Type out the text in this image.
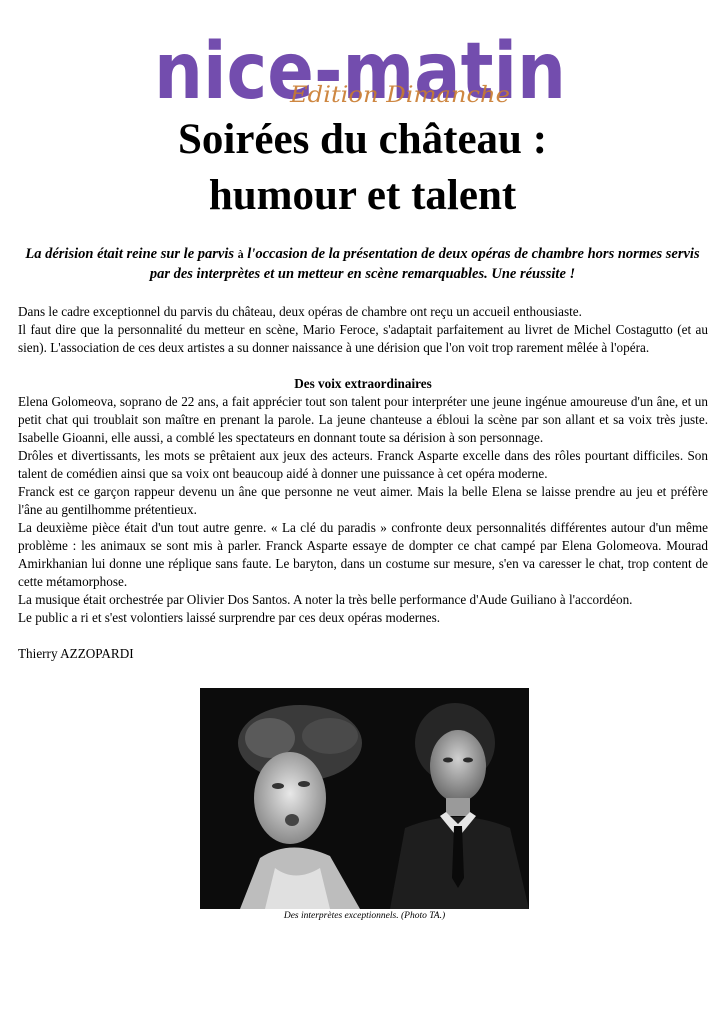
nice-matin
Edition Dimanche
Soirées du château :
humour et talent
La dérision était reine sur le parvis à l'occasion de la présentation de deux opéras de chambre hors normes servis par des interprètes et un metteur en scène remarquables. Une réussite !

Dans le cadre exceptionnel du parvis du château, deux opéras de chambre ont reçu un accueil enthousiaste.

Il faut dire que la personnalité du metteur en scène, Mario Feroce, s'adaptait parfaitement au livret de Michel Costagutto (et au sien). L'association de ces deux artistes a su donner naissance à une dérision que l'on voit trop rarement mêlée à l'opéra.

Des voix extraordinaires

Elena Golomeova, soprano de 22 ans, a fait apprécier tout son talent pour interpréter une jeune ingénue amoureuse d'un âne, et un petit chat qui troublait son maître en prenant la parole. La jeune chanteuse a ébloui la scène par son allant et sa voix très juste. Isabelle Gioanni, elle aussi, a comblé les spectateurs en donnant toute sa dérision à son personnage.

Drôles et divertissants, les mots se prêtaient aux jeux des acteurs. Franck Asparte excelle dans des rôles pourtant difficiles. Son talent de comédien ainsi que sa voix ont beaucoup aidé à donner une puissance à cet opéra moderne.

Franck est ce garçon rappeur devenu un âne que personne ne veut aimer. Mais la belle Elena se laisse prendre au jeu et préfère l'âne au gentilhomme prétentieux.

La deuxième pièce était d'un tout autre genre. « La clé du paradis » confronte deux personnalités différentes autour d'un même problème : les animaux se sont mis à parler. Franck Asparte essaye de dompter ce chat campé par Elena Golomeova. Mourad Amirkhanian lui donne une réplique sans faute. Le baryton, dans un costume sur mesure, s'en va caresser le chat, trop content de cette métamorphose.

La musique était orchestrée par Olivier Dos Santos. A noter la très belle performance d'Aude Guiliano à l'accordéon.

Le public a ri et s'est volontiers laissé surprendre par ces deux opéras modernes.

Thierry AZZOPARDI

Des interprètes exceptionnels. (Photo TA.)
